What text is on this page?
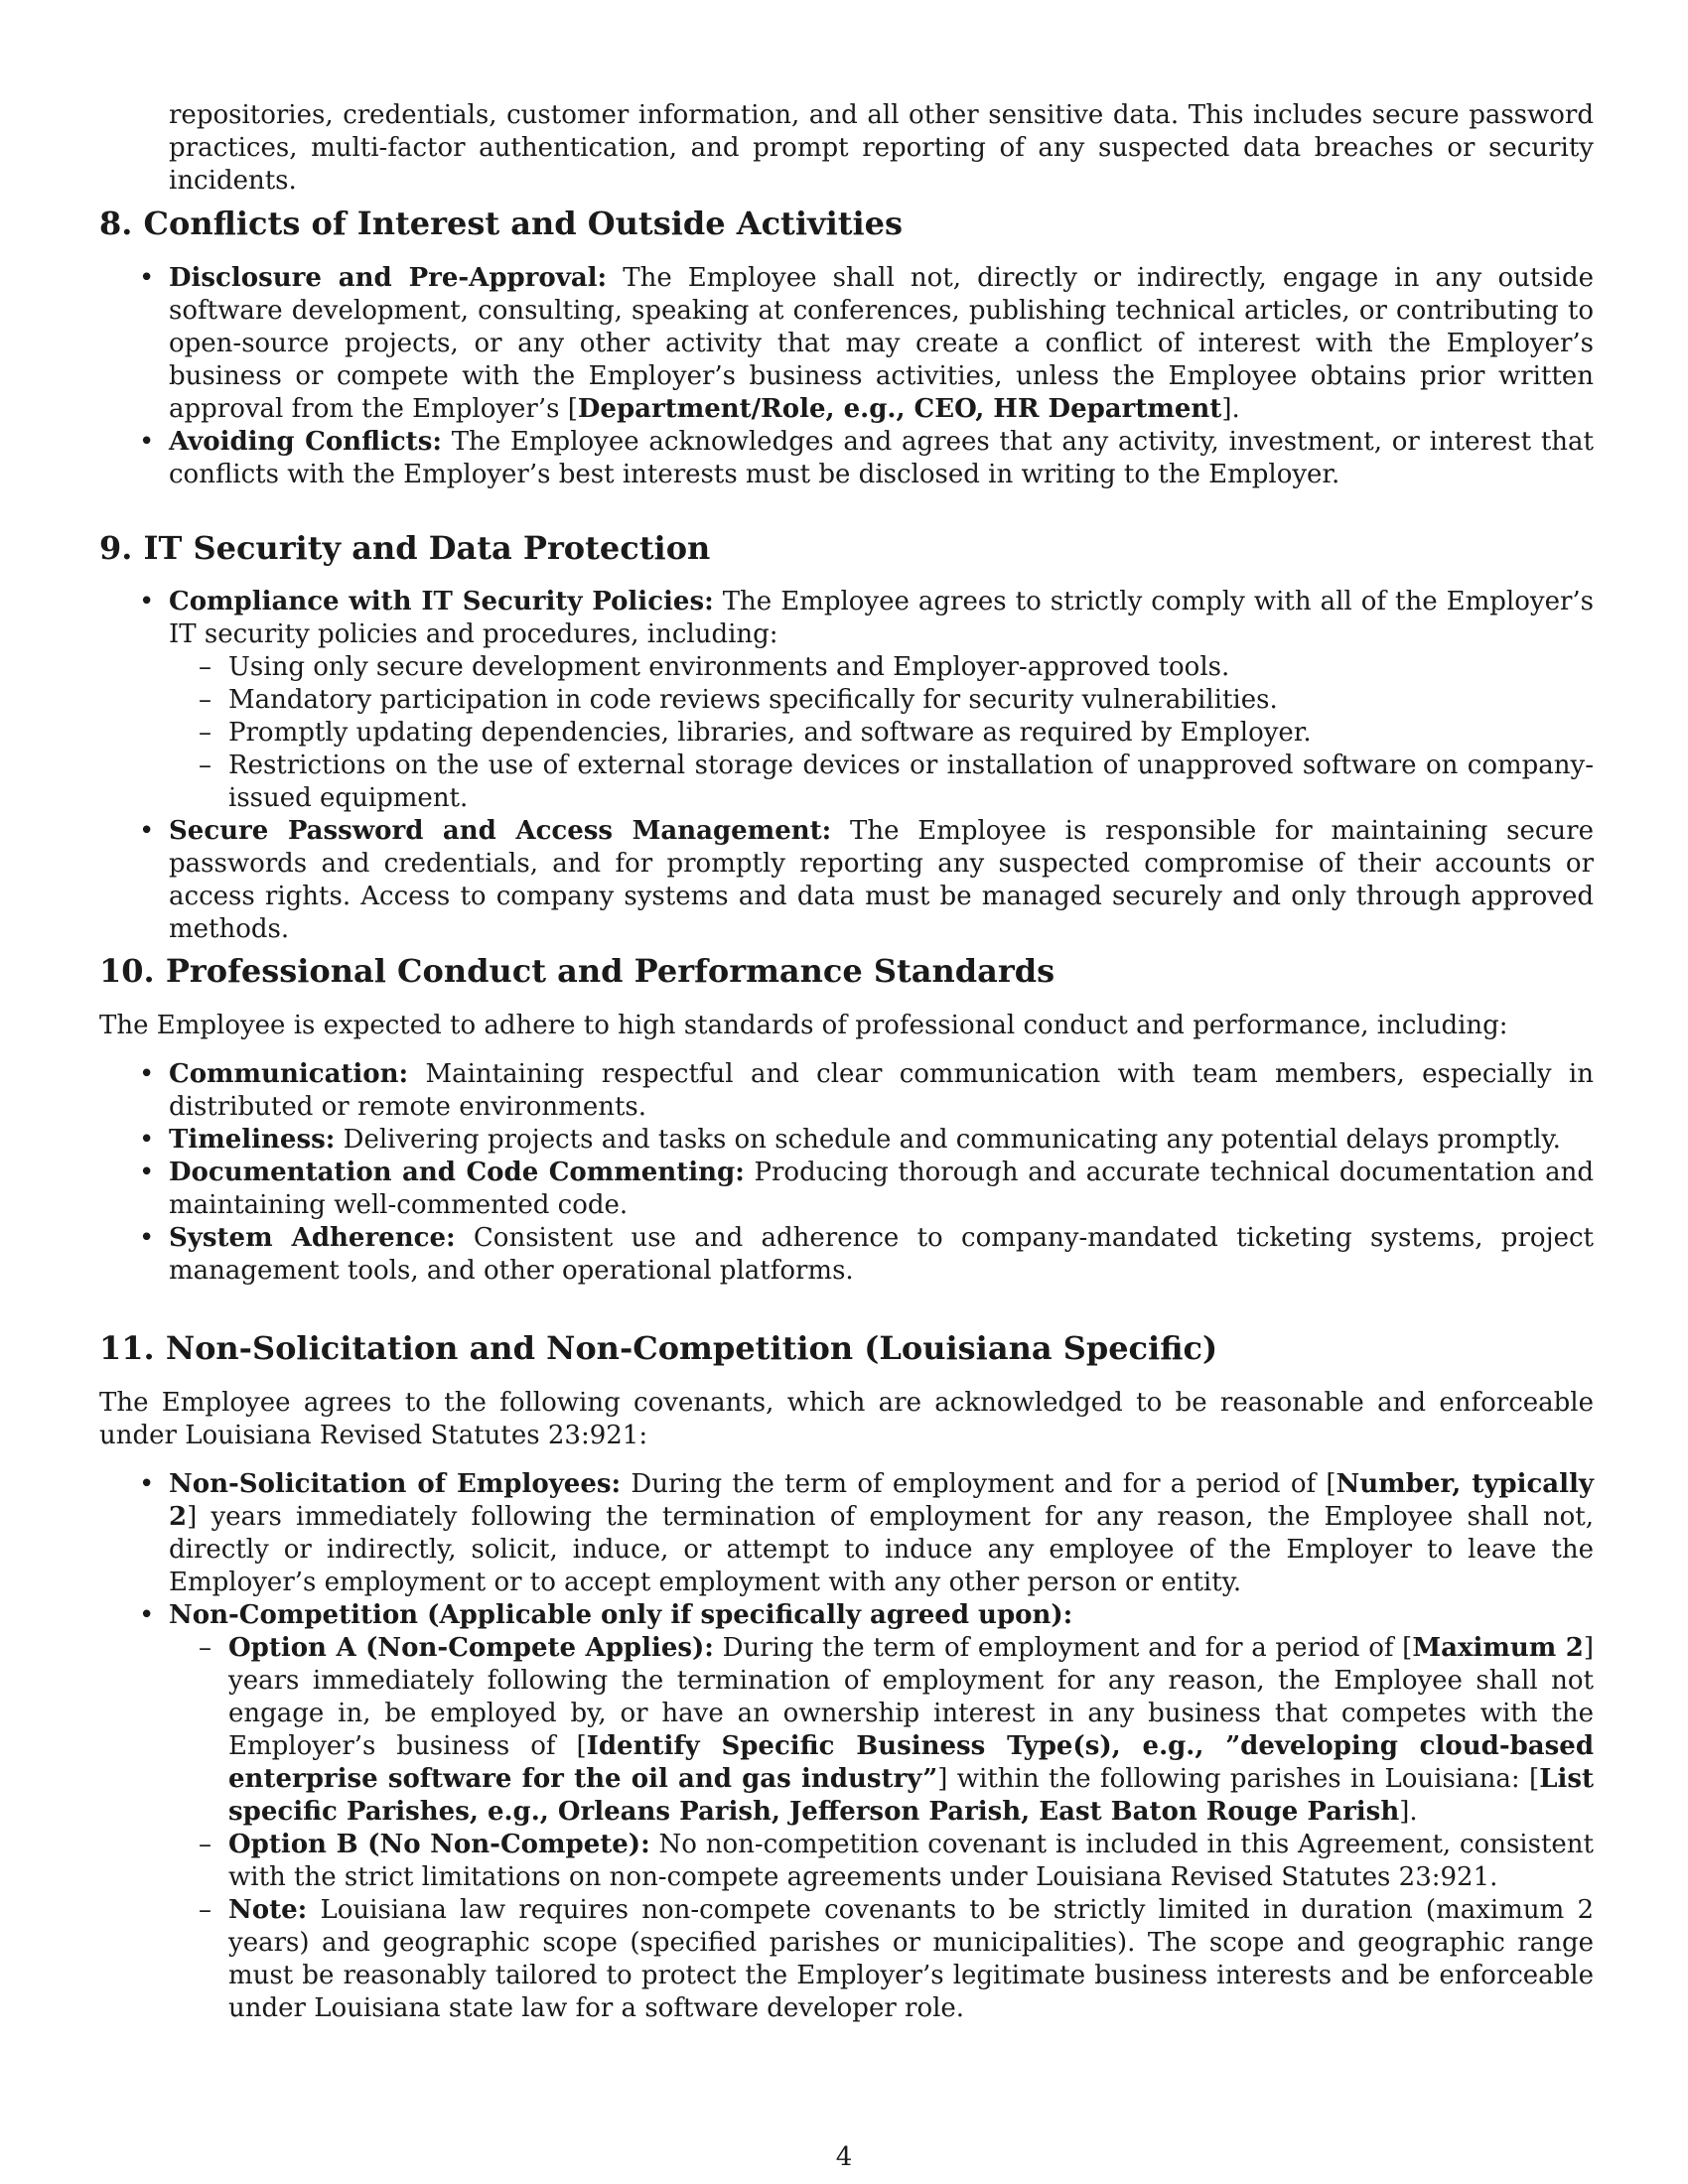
repositories, credentials, customer information, and all other sensitive data. This includes secure password practices, multi-factor authentication, and prompt reporting of any suspected data breaches or security incidents.

8. Conflicts of Interest and Outside Activities
• Disclosure and Pre-Approval: The Employee shall not, directly or indirectly, engage in any outside software development, consulting, speaking at conferences, publishing technical articles, or contributing to open-source projects, or any other activity that may create a conflict of interest with the Employer’s business or compete with the Employer’s business activities, unless the Employee obtains prior written approval from the Employer’s [Department/Role, e.g., CEO, HR Department].

• Avoiding Conflicts: The Employee acknowledges and agrees that any activity, investment, or interest that conflicts with the Employer’s best interests must be disclosed in writing to the Employer.

9. IT Security and Data Protection
• Compliance with IT Security Policies: The Employee agrees to strictly comply with all of the Employer’s IT security policies and procedures, including:

– Using only secure development environments and Employer-approved tools.

– Mandatory participation in code reviews specifically for security vulnerabilities.

– Promptly updating dependencies, libraries, and software as required by Employer.

– Restrictions on the use of external storage devices or installation of unapproved software on company-issued equipment.

• Secure Password and Access Management: The Employee is responsible for maintaining secure passwords and credentials, and for promptly reporting any suspected compromise of their accounts or access rights. Access to company systems and data must be managed securely and only through approved methods.

10. Professional Conduct and Performance Standards

The Employee is expected to adhere to high standards of professional conduct and performance, including:

• Communication: Maintaining respectful and clear communication with team members, especially in distributed or remote environments.

• Timeliness: Delivering projects and tasks on schedule and communicating any potential delays promptly.

• Documentation and Code Commenting: Producing thorough and accurate technical documentation and maintaining well-commented code.

• System Adherence: Consistent use and adherence to company-mandated ticketing systems, project management tools, and other operational platforms.

11. Non-Solicitation and Non-Competition (Louisiana Specific)

The Employee agrees to the following covenants, which are acknowledged to be reasonable and enforceable under Louisiana Revised Statutes 23:921:

• Non-Solicitation of Employees: During the term of employment and for a period of [Number, typically 2] years immediately following the termination of employment for any reason, the Employee shall not, directly or indirectly, solicit, induce, or attempt to induce any employee of the Employer to leave the Employer’s employment or to accept employment with any other person or entity.

• Non-Competition (Applicable only if specifically agreed upon):

– Option A (Non-Compete Applies): During the term of employment and for a period of [Maximum 2] years immediately following the termination of employment for any reason, the Employee shall not engage in, be employed by, or have an ownership interest in any business that competes with the Employer’s business of [Identify Specific Business Type(s), e.g., ”developing cloud-based enterprise software for the oil and gas industry”] within the following parishes in Louisiana: [List specific Parishes, e.g., Orleans Parish, Jefferson Parish, East Baton Rouge Parish].

– Option B (No Non-Compete): No non-competition covenant is included in this Agreement, consistent with the strict limitations on non-compete agreements under Louisiana Revised Statutes 23:921.

– Note: Louisiana law requires non-compete covenants to be strictly limited in duration (maximum 2 years) and geographic scope (specified parishes or municipalities). The scope and geographic range must be reasonably tailored to protect the Employer’s legitimate business interests and be enforceable under Louisiana state law for a software developer role.

4
